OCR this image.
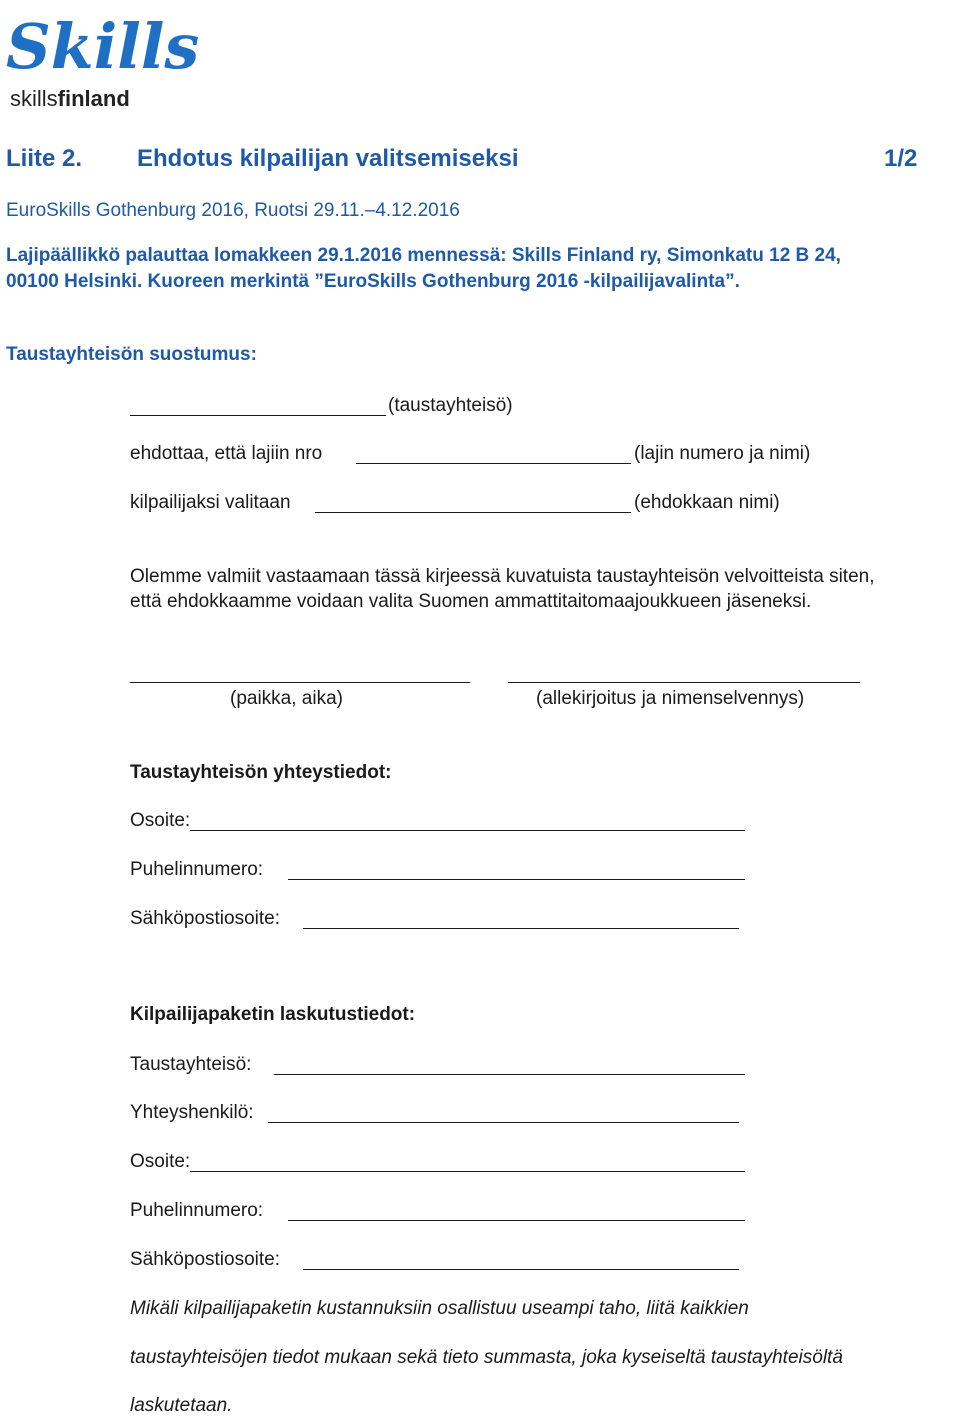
Skills
skillsfinland
Liite 2. Ehdotus kilpailijan valitsemiseksi	1/2
EuroSkills Gothenburg 2016, Ruotsi 29.11.–4.12.2016
Lajipäällikkö palauttaa lomakkeen 29.1.2016 mennessä: Skills Finland ry, Simonkatu 12 B 24,
00100 Helsinki. Kuoreen merkintä ”EuroSkills Gothenburg 2016 -kilpailijavalinta”.
Taustayhteisön suostumus:
(taustayhteisö)
ehdottaa, että lajiin nro	(lajin numero ja nimi)
kilpailijaksi valitaan	(ehdokkaan nimi)
Olemme valmiit vastaamaan tässä kirjeessä kuvatuista taustayhteisön velvoitteista siten,
että ehdokkaamme voidaan valita Suomen ammattitaitomaajoukkueen jäseneksi.
(paikka, aika)	(allekirjoitus ja nimenselvennys)
Taustayhteisön yhteystiedot:
Osoite:
Puhelinnumero:
Sähköpostiosoite:
Kilpailijapaketin laskutustiedot:
Taustayhteisö:
Yhteyshenkilö:
Osoite:
Puhelinnumero:
Sähköpostiosoite:
Mikäli kilpailijapaketin kustannuksiin osallistuu useampi taho, liitä kaikkien
taustayhteisöjen tiedot mukaan sekä tieto summasta, joka kyseiseltä taustayhteisöltä
laskutetaan.
